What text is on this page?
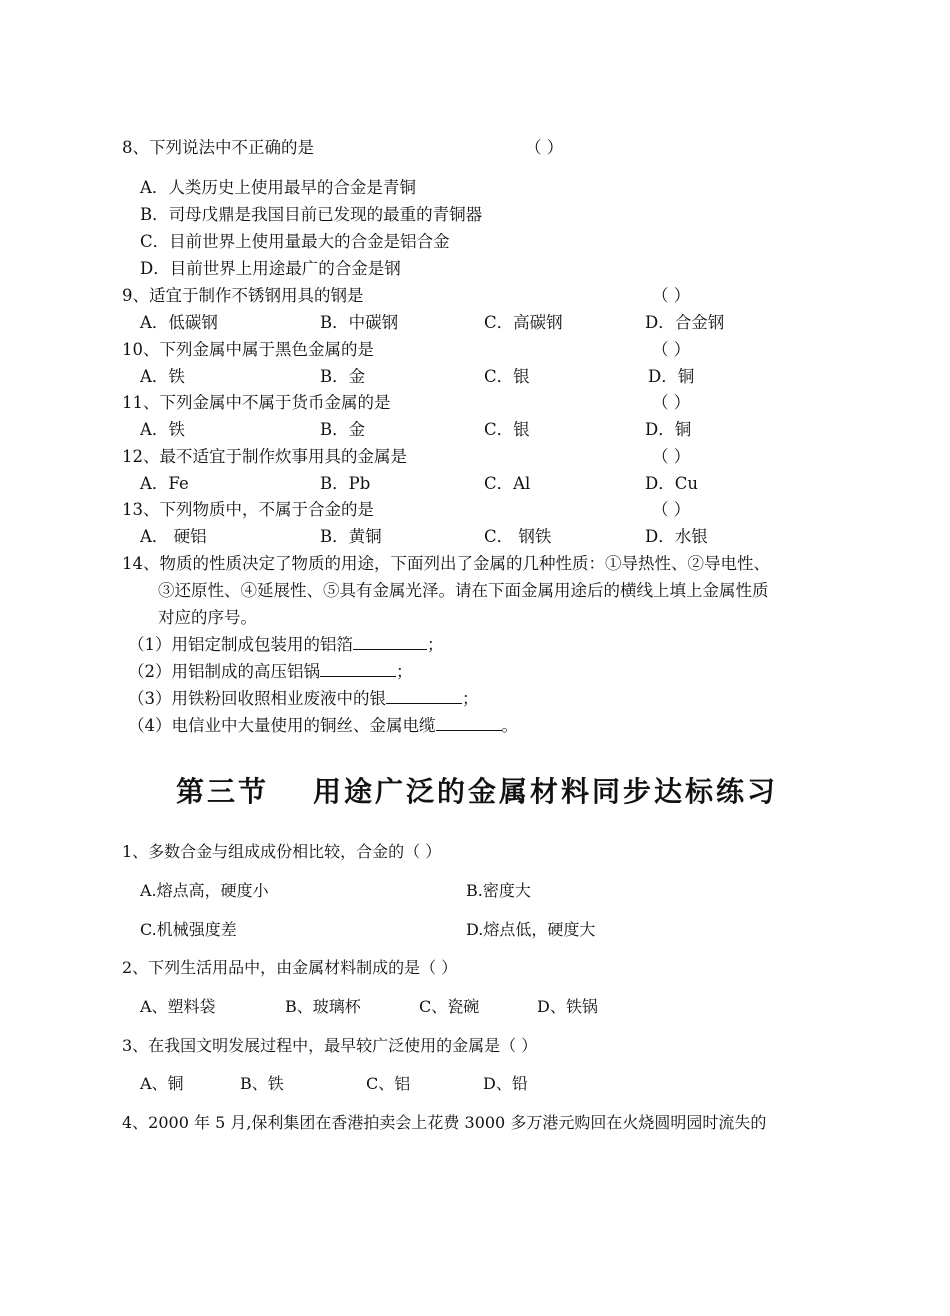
8、下列说法中不正确的是	（ ）
A．人类历史上使用最早的合金是青铜
B．司母戊鼎是我国目前已发现的最重的青铜器
C．目前世界上使用量最大的合金是铝合金
D．目前世界上用途最广的合金是钢
9、适宜于制作不锈钢用具的钢是	（ ）
A．低碳钢	B．中碳钢	C．高碳钢	D．合金钢
10、下列金属中属于黑色金属的是	（ ）
A．铁	B．金	C．银	D．铜
11、下列金属中不属于货币金属的是	（ ）
A．铁	B．金	C．银	D．铜
12、最不适宜于制作炊事用具的金属是	（ ）
A．Fe	B．Pb	C．Al	D．Cu
13、下列物质中，不属于合金的是	（ ）
A． 硬铝	B．黄铜	C． 钢铁	D．水银
14、物质的性质决定了物质的用途，下面列出了金属的几种性质：①导热性、②导电性、
③还原性、④延展性、⑤具有金属光泽。请在下面金属用途后的横线上填上金属性质
对应的序号。
（1）用铝定制成包装用的铝箔	；
（2）用铝制成的高压铝锅	；
（3）用铁粉回收照相业废液中的银	；
（4）电信业中大量使用的铜丝、金属电缆	。
第三节 用途广泛的金属材料同步达标练习
1、多数合金与组成成份相比较，合金的（ ）
A.熔点高，硬度小	B.密度大
C.机械强度差	D.熔点低，硬度大
2、下列生活用品中，由金属材料制成的是（ ）
A、塑料袋	B、玻璃杯	C、瓷碗	D、铁锅
3、在我国文明发展过程中，最早较广泛使用的金属是（ ）
A、铜	B、铁	C、铝	D、铅
4、2000 年 5 月,保利集团在香港拍卖会上花费 3000 多万港元购回在火烧圆明园时流失的
